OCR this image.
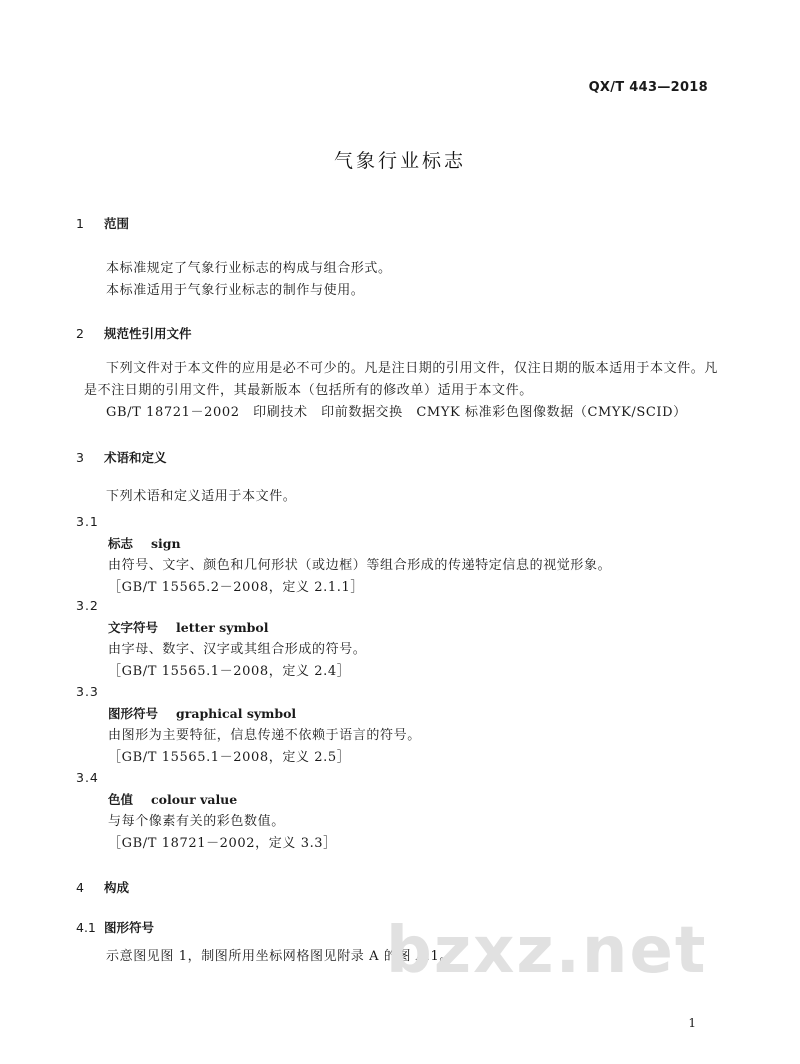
QX/T 443—2018
气象行业标志
1 范围
本标准规定了气象行业标志的构成与组合形式。
本标准适用于气象行业标志的制作与使用。
2 规范性引用文件
下列文件对于本文件的应用是必不可少的。凡是注日期的引用文件，仅注日期的版本适用于本文件。凡是不注日期的引用文件，其最新版本（包括所有的修改单）适用于本文件。
GB/T 18721－2002　印刷技术　印前数据交换　CMYK 标准彩色图像数据（CMYK/SCID）
3 术语和定义
下列术语和定义适用于本文件。
3.1
标志 sign
由符号、文字、颜色和几何形状（或边框）等组合形成的传递特定信息的视觉形象。
［GB/T 15565.2－2008，定义 2.1.1］
3.2
文字符号 letter symbol
由字母、数字、汉字或其组合形成的符号。
［GB/T 15565.1－2008，定义 2.4］
3.3
图形符号 graphical symbol
由图形为主要特征，信息传递不依赖于语言的符号。
［GB/T 15565.1－2008，定义 2.5］
3.4
色值 colour value
与每个像素有关的彩色数值。
［GB/T 18721－2002，定义 3.3］
4 构成
4.1 图形符号
示意图见图 1，制图所用坐标网格图见附录 A 的图 A.1。
bzxz.net
1
